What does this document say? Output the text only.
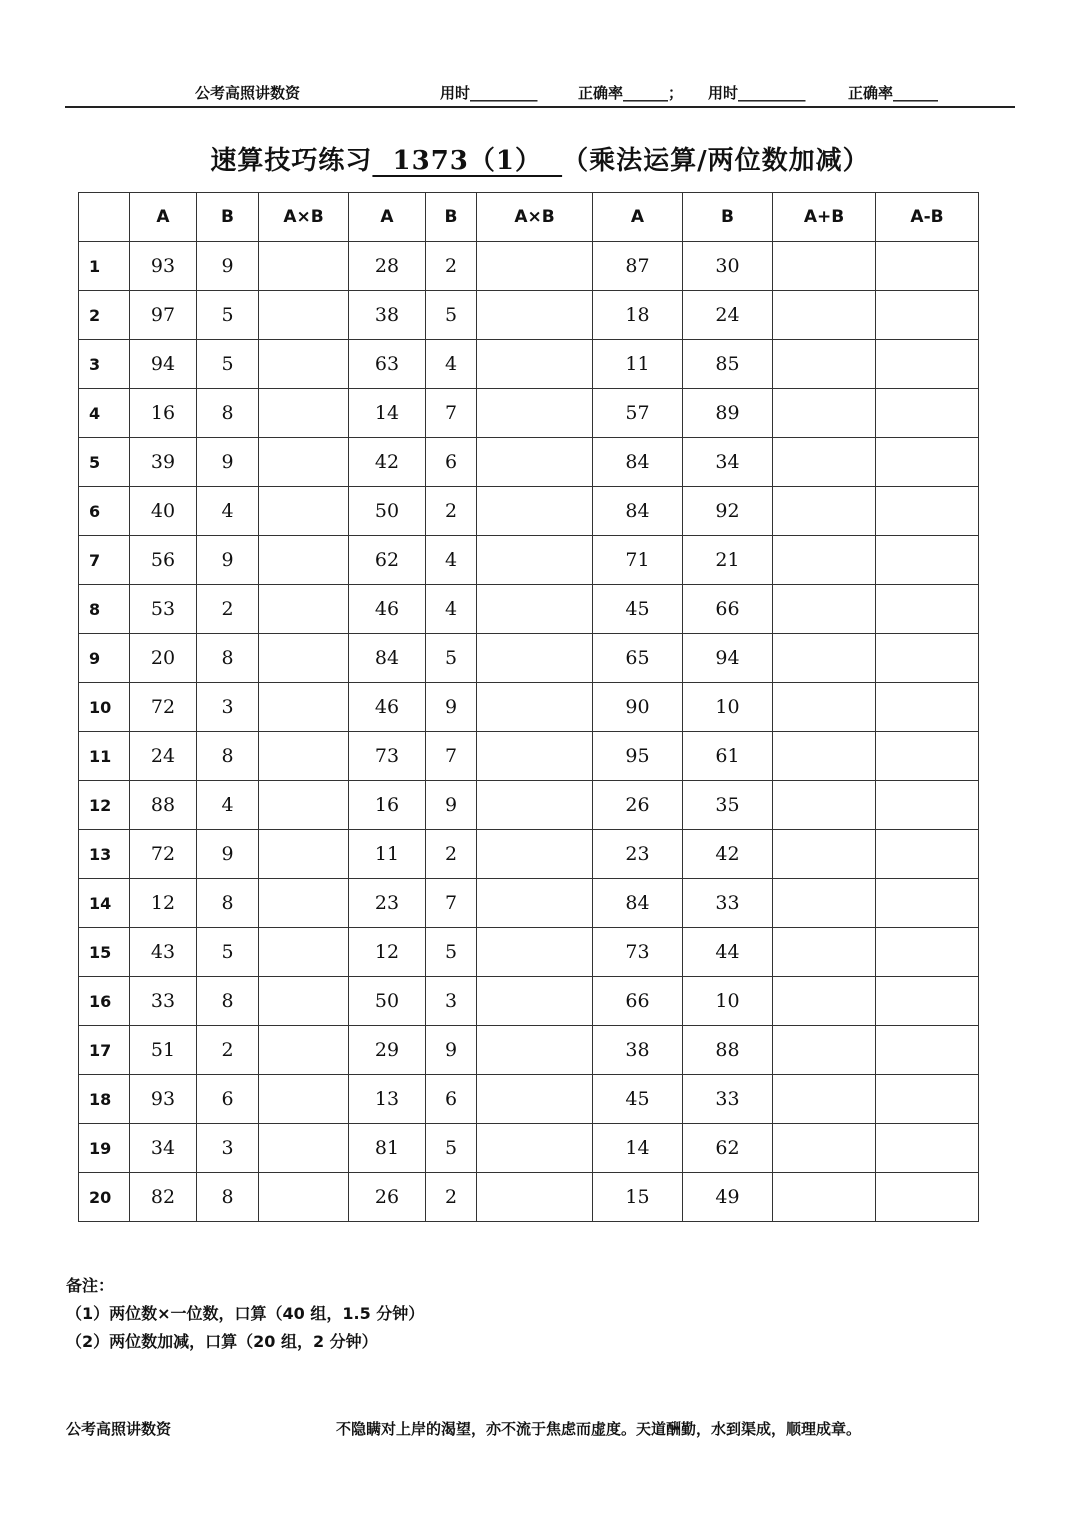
公考高照讲数资	用时_________	正确率______； 用时_________	正确率______
速算技巧练习  1373（1）  （乘法运算/两位数加减）
	A	B	A×B	A	B	A×B	A	B	A+B	A-B
1	93	9		28	2		87	30		
2	97	5		38	5		18	24		
3	94	5		63	4		11	85		
4	16	8		14	7		57	89		
5	39	9		42	6		84	34		
6	40	4		50	2		84	92		
7	56	9		62	4		71	21		
8	53	2		46	4		45	66		
9	20	8		84	5		65	94		
10	72	3		46	9		90	10		
11	24	8		73	7		95	61		
12	88	4		16	9		26	35		
13	72	9		11	2		23	42		
14	12	8		23	7		84	33		
15	43	5		12	5		73	44		
16	33	8		50	3		66	10		
17	51	2		29	9		38	88		
18	93	6		13	6		45	33		
19	34	3		81	5		14	62		
20	82	8		26	2		15	49		
备注：
（1）两位数×一位数，口算（40 组，1.5 分钟）
（2）两位数加减，口算（20 组，2 分钟）
公考高照讲数资	不隐瞒对上岸的渴望，亦不流于焦虑而虚度。天道酬勤，水到渠成，顺理成章。
